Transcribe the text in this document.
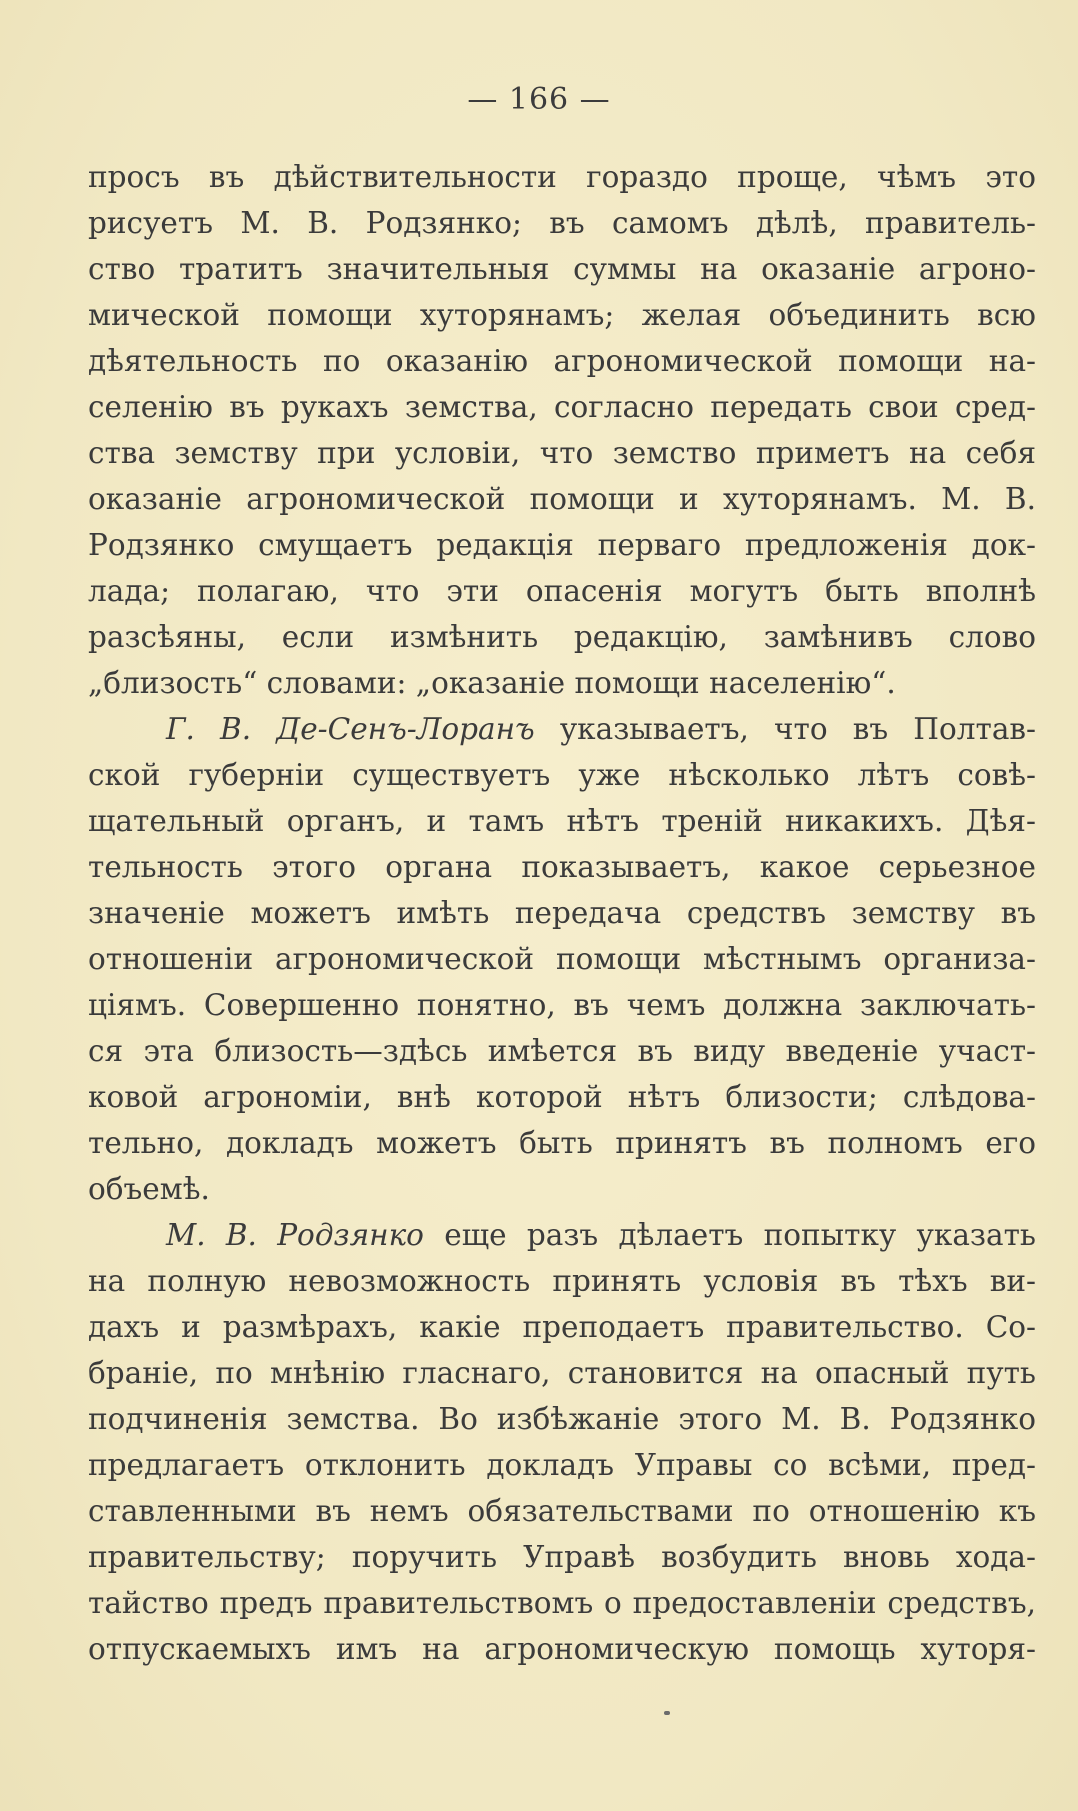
— 166 —
просъ въ дѣйствительности гораздо проще, чѣмъ это
рисуетъ М. В. Родзянко; въ самомъ дѣлѣ, правитель-
ство тратитъ значительныя суммы на оказаніе агроно-
мической помощи хуторянамъ; желая объединить всю
дѣятельность по оказанію агрономической помощи на-
селенію въ рукахъ земства, согласно передать свои сред-
ства земству при условіи, что земство приметъ на себя
оказаніе агрономической помощи и хуторянамъ. М. В.
Родзянко смущаетъ редакція перваго предложенія док-
лада; полагаю, что эти опасенія могутъ быть вполнѣ
разсѣяны, если измѣнить редакцію, замѣнивъ слово
„близость“ словами: „оказаніе помощи населенію“.
Г. В. Де-Сенъ-Лоранъ указываетъ, что въ Полтав-
ской губерніи существуетъ уже нѣсколько лѣтъ совѣ-
щательный органъ, и тамъ нѣтъ треній никакихъ. Дѣя-
тельность этого органа показываетъ, какое серьезное
значеніе можетъ имѣть передача средствъ земству въ
отношеніи агрономической помощи мѣстнымъ организа-
ціямъ. Совершенно понятно, въ чемъ должна заключать-
ся эта близость—здѣсь имѣется въ виду введеніе участ-
ковой агрономіи, внѣ которой нѣтъ близости; слѣдова-
тельно, докладъ можетъ быть принятъ въ полномъ его
объемѣ.
М. В. Родзянко еще разъ дѣлаетъ попытку указать
на полную невозможность принять условія въ тѣхъ ви-
дахъ и размѣрахъ, какіе преподаетъ правительство. Со-
браніе, по мнѣнію гласнаго, становится на опасный путь
подчиненія земства. Во избѣжаніе этого М. В. Родзянко
предлагаетъ отклонить докладъ Управы со всѣми, пред-
ставленными въ немъ обязательствами по отношенію къ
правительству; поручить Управѣ возбудить вновь хода-
тайство предъ правительствомъ о предоставленіи средствъ,
отпускаемыхъ имъ на агрономическую помощь хуторя-
